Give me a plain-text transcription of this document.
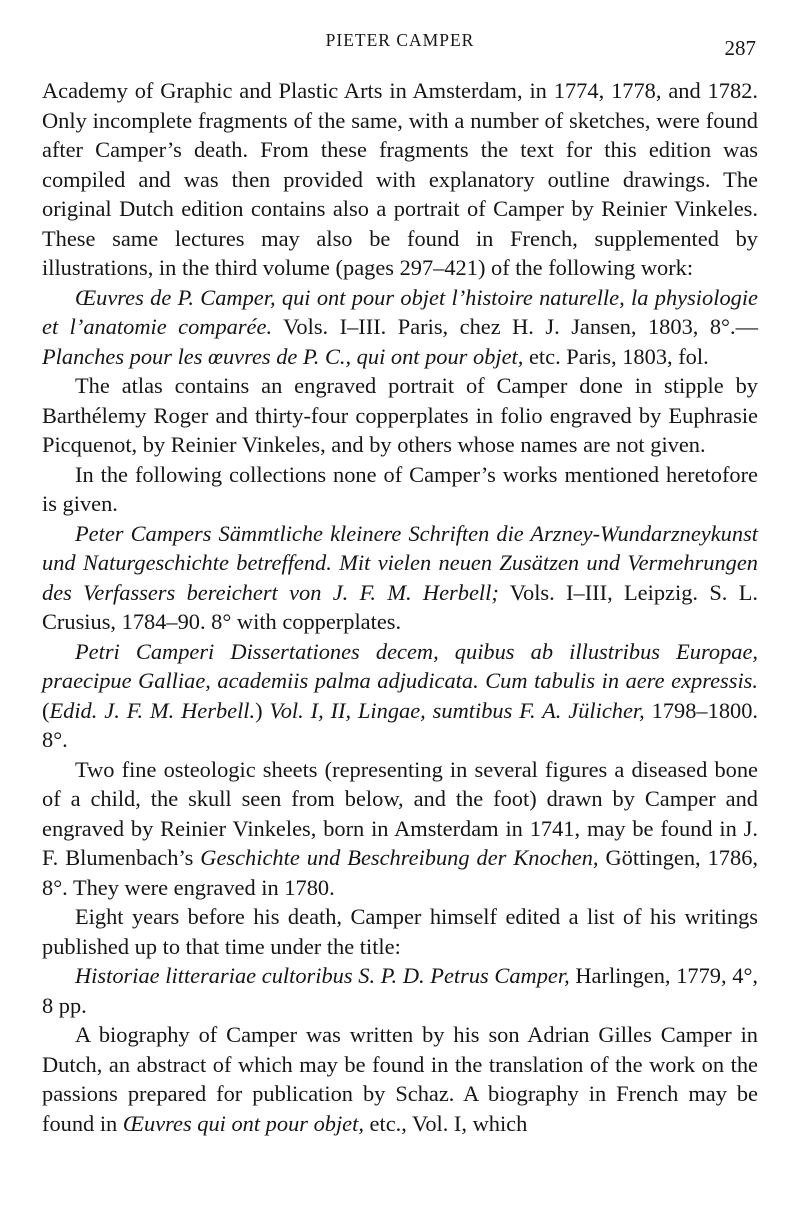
PIETER CAMPER	287

Academy of Graphic and Plastic Arts in Amsterdam, in 1774, 1778, and 1782. Only incomplete fragments of the same, with a number of sketches, were found after Camper’s death. From these fragments the text for this edition was compiled and was then provided with explanatory outline drawings. The original Dutch edition contains also a portrait of Camper by Reinier Vinkeles. These same lectures may also be found in French, supplemented by illustrations, in the third volume (pages 297–421) of the following work:

Œuvres de P. Camper, qui ont pour objet l’histoire naturelle, la physiologie et l’anatomie comparée. Vols. I–III. Paris, chez H. J. Jansen, 1803, 8°.—Planches pour les œuvres de P. C., qui ont pour objet, etc. Paris, 1803, fol.

The atlas contains an engraved portrait of Camper done in stipple by Barthélemy Roger and thirty-four copperplates in folio engraved by Euphrasie Picquenot, by Reinier Vinkeles, and by others whose names are not given.

In the following collections none of Camper’s works mentioned heretofore is given.

Peter Campers Sämmtliche kleinere Schriften die Arzney-Wundarzneykunst und Naturgeschichte betreffend. Mit vielen neuen Zusätzen und Vermehrungen des Verfassers bereichert von J. F. M. Herbell; Vols. I–III, Leipzig. S. L. Crusius, 1784–90. 8° with copperplates.

Petri Camperi Dissertationes decem, quibus ab illustribus Europae, praecipue Galliae, academiis palma adjudicata. Cum tabulis in aere expressis. (Edid. J. F. M. Herbell.) Vol. I, II, Lingae, sumtibus F. A. Jülicher, 1798–1800. 8°.

Two fine osteologic sheets (representing in several figures a diseased bone of a child, the skull seen from below, and the foot) drawn by Camper and engraved by Reinier Vinkeles, born in Amsterdam in 1741, may be found in J. F. Blumenbach’s Geschichte und Beschreibung der Knochen, Göttingen, 1786, 8°. They were engraved in 1780.

Eight years before his death, Camper himself edited a list of his writings published up to that time under the title:

Historiae litterariae cultoribus S. P. D. Petrus Camper, Harlingen, 1779, 4°, 8 pp.

A biography of Camper was written by his son Adrian Gilles Camper in Dutch, an abstract of which may be found in the translation of the work on the passions prepared for publication by Schaz. A biography in French may be found in Œuvres qui ont pour objet, etc., Vol. I, which
